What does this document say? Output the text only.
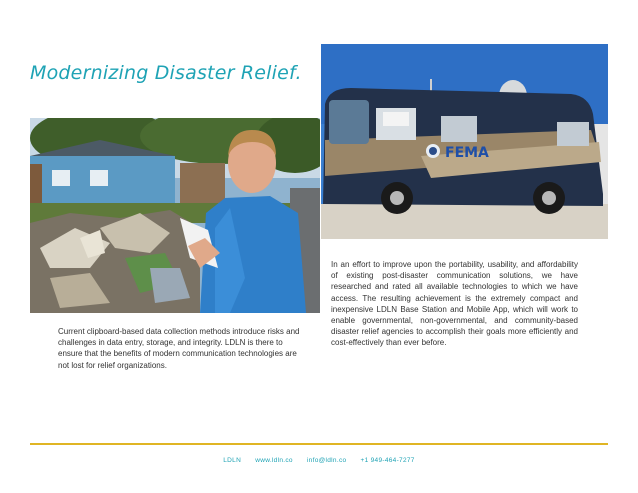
Modernizing Disaster Relief.
FEMA

Current clipboard-based data collection methods introduce risks and challenges in data entry, storage, and integrity. LDLN is there to ensure that the benefits of modern communication technologies are not lost for relief organizations.

In an effort to improve upon the portability, usability, and affordability of existing post-disaster communication solutions, we have researched and rated all available technologies to which we have access. The resulting achievement is the extremely compact and inexpensive LDLN Base Station and Mobile App, which will work to enable governmental, non-governmental, and community-based disaster relief agencies to accomplish their goals more efficiently and cost-effectively than ever before.

LDLN www.ldln.co info@ldln.co +1 949-464-7277
